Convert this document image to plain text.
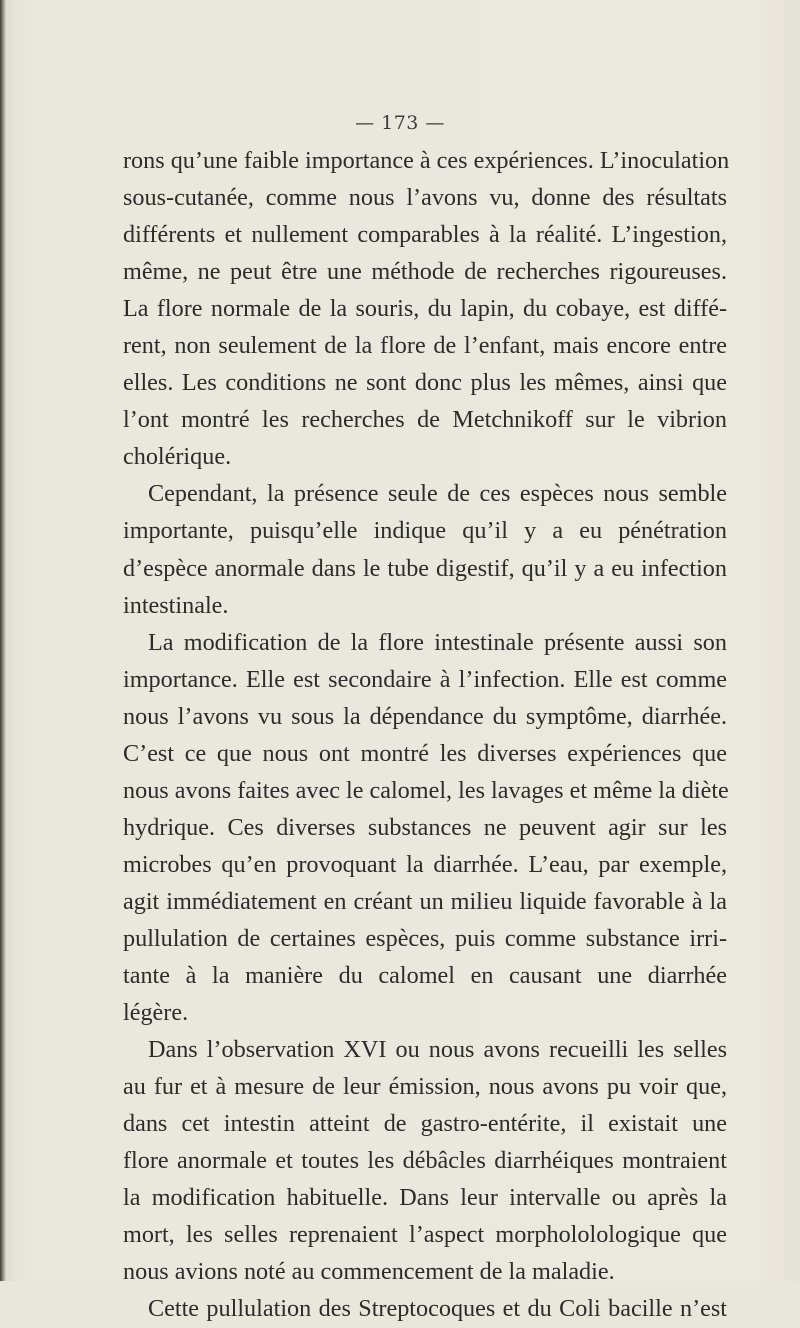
— 173 —
rons qu’une faible importance à ces expériences. L’inoculation
sous-cutanée, comme nous l’avons vu, donne des résultats
différents et nullement comparables à la réalité. L’ingestion,
même, ne peut être une méthode de recherches rigoureuses.
La flore normale de la souris, du lapin, du cobaye, est diffé-
rent, non seulement de la flore de l’enfant, mais encore entre
elles. Les conditions ne sont donc plus les mêmes, ainsi que
l’ont montré les recherches de Metchnikoff sur le vibrion
cholérique.
Cependant, la présence seule de ces espèces nous semble
importante, puisqu’elle indique qu’il y a eu pénétration
d’espèce anormale dans le tube digestif, qu’il y a eu infection
intestinale.
La modification de la flore intestinale présente aussi son
importance. Elle est secondaire à l’infection. Elle est comme
nous l’avons vu sous la dépendance du symptôme, diarrhée.
C’est ce que nous ont montré les diverses expériences que
nous avons faites avec le calomel, les lavages et même la diète
hydrique. Ces diverses substances ne peuvent agir sur les
microbes qu’en provoquant la diarrhée. L’eau, par exemple,
agit immédiatement en créant un milieu liquide favorable à la
pullulation de certaines espèces, puis comme substance irri-
tante à la manière du calomel en causant une diarrhée
légère.
Dans l’observation XVI ou nous avons recueilli les selles
au fur et à mesure de leur émission, nous avons pu voir que,
dans cet intestin atteint de gastro-entérite, il existait une
flore anormale et toutes les débâcles diarrhéiques montraient
la modification habituelle. Dans leur intervalle ou après la
mort, les selles reprenaient l’aspect morphololologique que
nous avions noté au commencement de la maladie.
Cette pullulation des Streptocoques et du Coli bacille n’est
